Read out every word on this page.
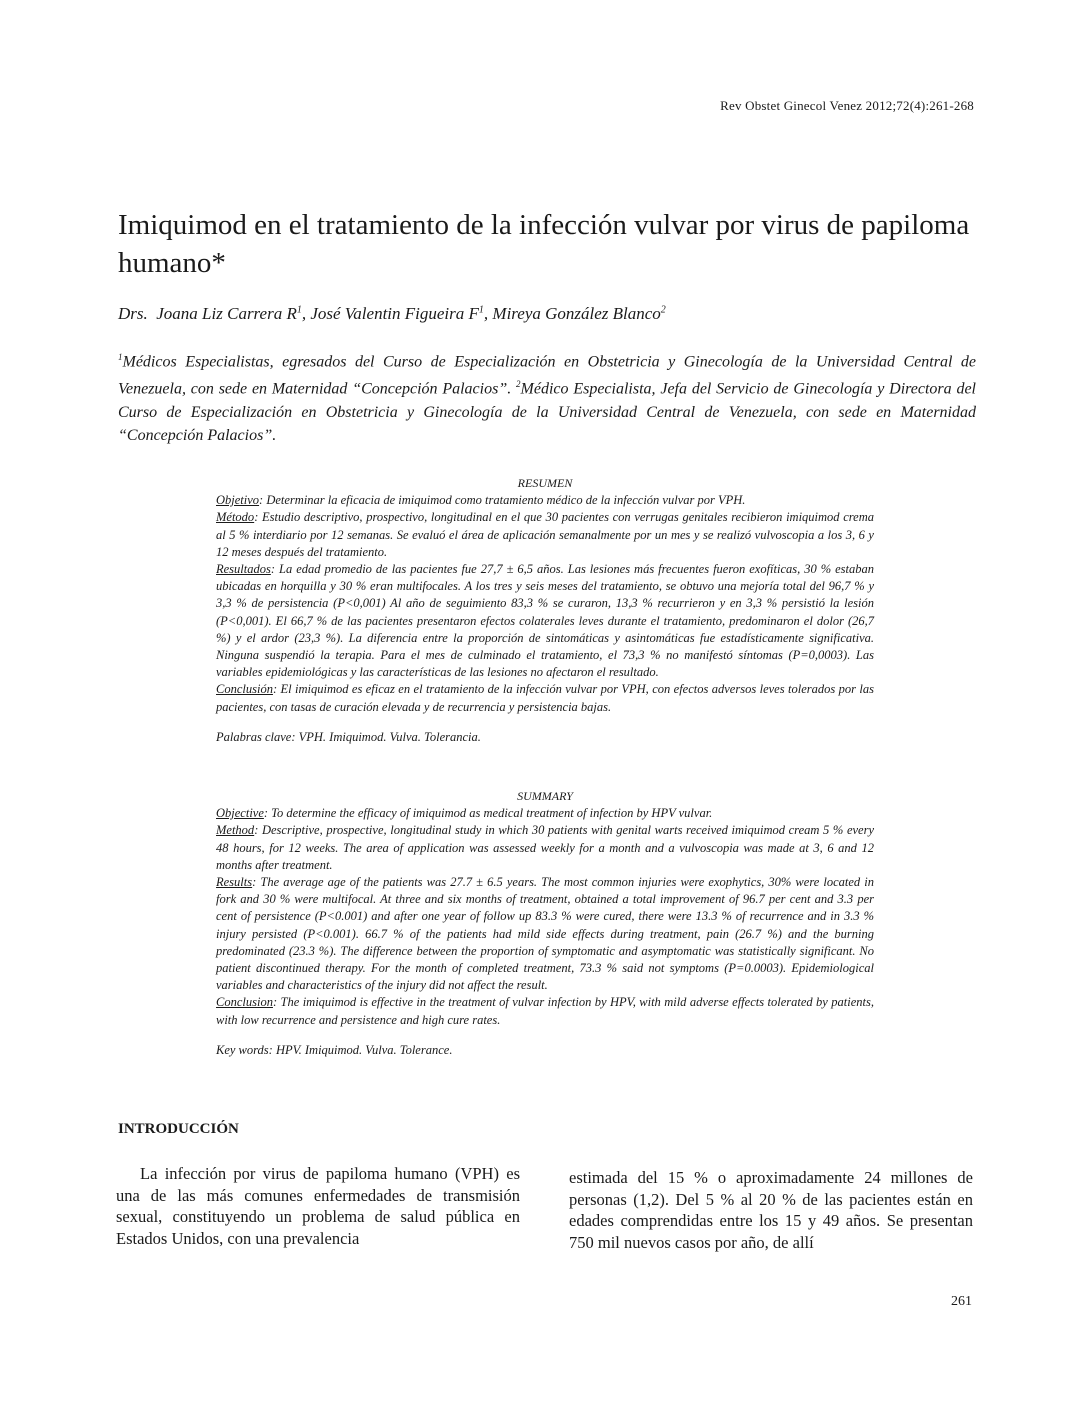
Rev Obstet Ginecol Venez 2012;72(4):261-268
Imiquimod en el tratamiento de la infección vulvar por virus de papiloma humano*
Drs. Joana Liz Carrera $R^1$, José Valentin Figueira $F^1$, Mireya González Blanco$^2$
$^1$Médicos Especialistas, egresados del Curso de Especialización en Obstetricia y Ginecología de la Universidad Central de Venezuela, con sede en Maternidad “Concepción Palacios”. $^2$Médico Especialista, Jefa del Servicio de Ginecología y Directora del Curso de Especialización en Obstetricia y Ginecología de la Universidad Central de Venezuela, con sede en Maternidad “Concepción Palacios”.

RESUMEN

Objetivo: Determinar la eficacia de imiquimod como tratamiento médico de la infección vulvar por VPH.

Método: Estudio descriptivo, prospectivo, longitudinal en el que 30 pacientes con verrugas genitales recibieron imiquimod crema al 5 % interdiario por 12 semanas. Se evaluó el área de aplicación semanalmente por un mes y se realizó vulvoscopia a los 3, 6 y 12 meses después del tratamiento.

Resultados: La edad promedio de las pacientes fue 27,7 ± 6,5 años. Las lesiones más frecuentes fueron exofíticas, 30 % estaban ubicadas en horquilla y 30 % eran multifocales. A los tres y seis meses del tratamiento, se obtuvo una mejoría total del 96,7 % y 3,3 % de persistencia (P<0,001) Al año de seguimiento 83,3 % se curaron, 13,3 % recurrieron y en 3,3 % persistió la lesión (P<0,001). El 66,7 % de las pacientes presentaron efectos colaterales leves durante el tratamiento, predominaron el dolor (26,7 %) y el ardor (23,3 %). La diferencia entre la proporción de sintomáticas y asintomáticas fue estadísticamente significativa. Ninguna suspendió la terapia. Para el mes de culminado el tratamiento, el 73,3 % no manifestó síntomas (P=0,0003). Las variables epidemiológicas y las características de las lesiones no afectaron el resultado.

Conclusión: El imiquimod es eficaz en el tratamiento de la infección vulvar por VPH, con efectos adversos leves tolerados por las pacientes, con tasas de curación elevada y de recurrencia y persistencia bajas.

Palabras clave: VPH. Imiquimod. Vulva. Tolerancia.

SUMMARY

Objective: To determine the efficacy of imiquimod as medical treatment of infection by HPV vulvar.

Method: Descriptive, prospective, longitudinal study in which 30 patients with genital warts received imiquimod cream 5 % every 48 hours, for 12 weeks. The area of application was assessed weekly for a month and a vulvoscopia was made at 3, 6 and 12 months after treatment.

Results: The average age of the patients was 27.7 ± 6.5 years. The most common injuries were exophytics, 30% were located in fork and 30 % were multifocal. At three and six months of treatment, obtained a total improvement of 96.7 per cent and 3.3 per cent of persistence (P<0.001) and after one year of follow up 83.3 % were cured, there were 13.3 % of recurrence and in 3.3 % injury persisted (P<0.001). 66.7 % of the patients had mild side effects during treatment, pain (26.7 %) and the burning predominated (23.3 %). The difference between the proportion of symptomatic and asymptomatic was statistically significant. No patient discontinued therapy. For the month of completed treatment, 73.3 % said not symptoms (P=0.0003). Epidemiological variables and characteristics of the injury did not affect the result.

Conclusion: The imiquimod is effective in the treatment of vulvar infection by HPV, with mild adverse effects tolerated by patients, with low recurrence and persistence and high cure rates.

Key words: HPV. Imiquimod. Vulva. Tolerance.

INTRODUCCIÓN

La infección por virus de papiloma humano (VPH) es una de las más comunes enfermedades de transmisión sexual, constituyendo un problema de salud pública en Estados Unidos, con una prevalencia

estimada del 15 % o aproximadamente 24 millones de personas (1,2). Del 5 % al 20 % de las pacientes están en edades comprendidas entre los 15 y 49 años. Se presentan 750 mil nuevos casos por año, de allí

261
